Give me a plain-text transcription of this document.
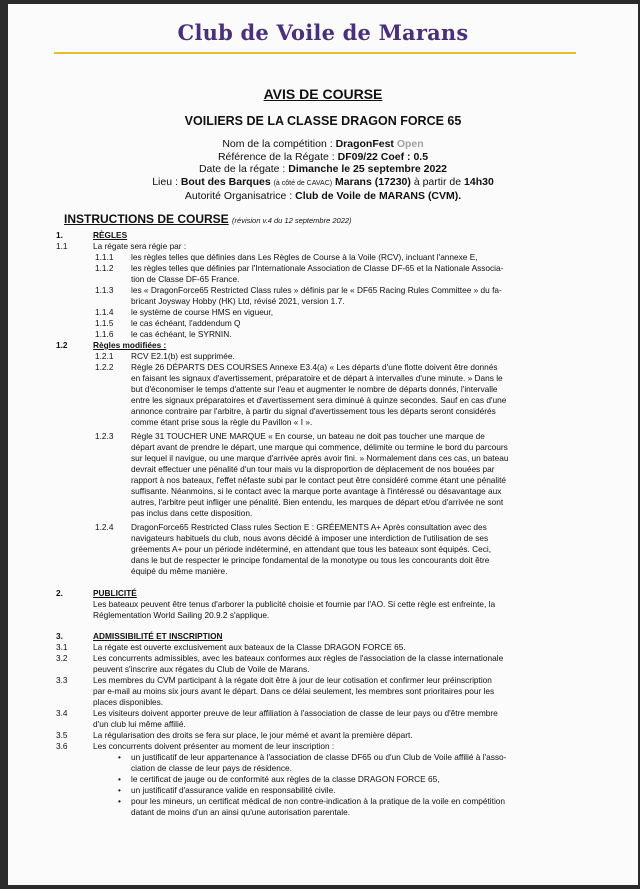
Club de Voile de Marans
AVIS DE COURSE
VOILIERS DE LA CLASSE DRAGON FORCE 65
Nom de la compétition : DragonFest Open
Référence de la Régate : DF09/22 Coef : 0.5
Date de la régate : Dimanche le 25 septembre 2022
Lieu : Bout des Barques (à côté de CAVAC) Marans (17230) à partir de 14h30
Autorité Organisatrice : Club de Voile de MARANS (CVM).
INSTRUCTIONS DE COURSE (révision v.4 du 12 septembre 2022)
1.	RÈGLES
1.1	La régate sera régie par :
1.1.1 les règles telles que définies dans Les Règles de Course à la Voile (RCV), incluant l'annexe E,
1.1.2 les règles telles que définies par l'Internationale Association de Classe DF-65 et la Nationale Associa-
tion de Classe DF-65 France.
1.1.3 les « DragonForce65 Restricted Class rules » définis par le « DF65 Racing Rules Committee » du fa-
bricant Joysway Hobby (HK) Ltd, révisé 2021, version 1.7.
1.1.4 le système de course HMS en vigueur,
1.1.5 le cas échéant, l'addendum Q
1.1.6 le cas échéant, le SYRNIN.
1.2	Règles modifiées :
1.2.1 RCV E2.1(b) est supprimée.
1.2.2 Règle 26 DÉPARTS DES COURSES Annexe E3.4(a) « Les départs d'une flotte doivent être donnés
en faisant les signaux d'avertissement, préparatoire et de départ à intervalles d'une minute. » Dans le
but d'économiser le temps d'attente sur l'eau et augmenter le nombre de départs donnés, l'intervalle
entre les signaux préparatoires et d'avertissement sera diminué à quinze secondes. Sauf en cas d'une
annonce contraire par l'arbitre, à partir du signal d'avertissement tous les départs seront considérés
comme étant prise sous la règle du Pavillon « I ».
1.2.3 Règle 31 TOUCHER UNE MARQUE « En course, un bateau ne doit pas toucher une marque de
départ avant de prendre le départ, une marque qui commence, délimite ou termine le bord du parcours
sur lequel il navigue, ou une marque d'arrivée après avoir fini. » Normalement dans ces cas, un bateau
devrait effectuer une pénalité d'un tour mais vu la disproportion de déplacement de nos bouées par
rapport à nos bateaux, l'effet néfaste subi par le contact peut être considéré comme étant une pénalité
suffisante. Néanmoins, si le contact avec la marque porte avantage à l'intéressé ou désavantage aux
autres, l'arbitre peut infliger une pénalité. Bien entendu, les marques de départ et/ou d'arrivée ne sont
pas inclus dans cette disposition.
1.2.4 DragonForce65 Restricted Class rules Section E : GRÉEMENTS A+ Après consultation avec des
navigateurs habituels du club, nous avons décidé à imposer une interdiction de l'utilisation de ses
gréements A+ pour un période indéterminé, en attendant que tous les bateaux sont équipés. Ceci,
dans le but de respecter le principe fondamental de la monotype ou tous les concourants doit être
équipé du même manière.
2.	PUBLICITÉ
Les bateaux peuvent être tenus d'arborer la publicité choisie et fournie par l'AO. Si cette règle est enfreinte, la
Réglementation World Sailing 20.9.2 s'applique.
3.	ADMISSIBILITÉ ET INSCRIPTION
3.1	La régate est ouverte exclusivement aux bateaux de la Classe DRAGON FORCE 65.
3.2	Les concurrents admissibles, avec les bateaux conformes aux règles de l'association de la classe internationale
peuvent s'inscrire aux régates du Club de Voile de Marans.
3.3	Les membres du CVM participant à la régate doit être à jour de leur cotisation et confirmer leur préinscription
par e-mail au moins six jours avant le départ. Dans ce délai seulement, les membres sont prioritaires pour les
places disponibles.
3.4	Les visiteurs doivent apporter preuve de leur affiliation à l'association de classe de leur pays ou d'être membre
d'un club lui même affilié.
3.5	La régularisation des droits se fera sur place, le jour mémé et avant la première départ.
3.6	Les concurrents doivent présenter au moment de leur inscription :
• un justificatif de leur appartenance à l'association de classe DF65 ou d'un Club de Voile affilié à l'asso-
ciation de classe de leur pays de résidence.
• le certificat de jauge ou de conformité aux règles de la classe DRAGON FORCE 65,
• un justificatif d'assurance valide en responsabilité civile.
• pour les mineurs, un certificat médical de non contre-indication à la pratique de la voile en compétition
datant de moins d'un an ainsi qu'une autorisation parentale.
